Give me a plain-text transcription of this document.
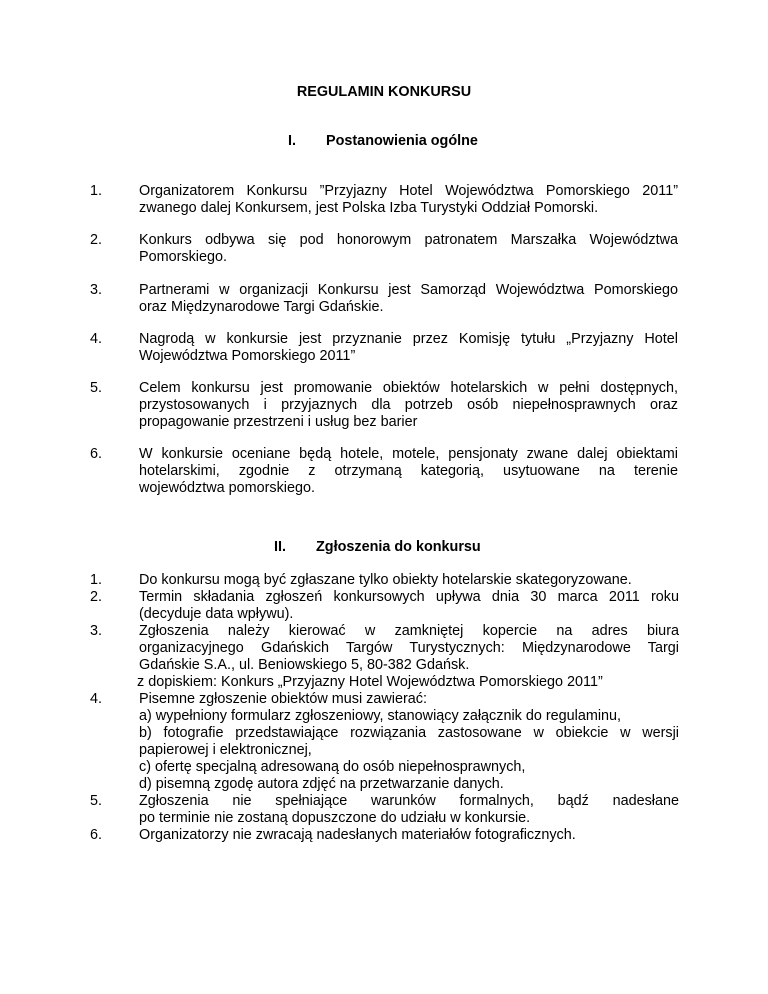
REGULAMIN KONKURSU
I. Postanowienia ogólne
1.	Organizatorem Konkursu ”Przyjazny Hotel Województwa Pomorskiego 2011”
zwanego dalej Konkursem, jest Polska Izba Turystyki Oddział Pomorski.
2.	Konkurs odbywa się pod honorowym patronatem Marszałka Województwa
Pomorskiego.
3.	Partnerami w organizacji Konkursu jest Samorząd Województwa Pomorskiego
oraz Międzynarodowe Targi Gdańskie.
4.	Nagrodą w konkursie jest przyznanie przez Komisję tytułu „Przyjazny Hotel
Województwa Pomorskiego 2011”
5.	Celem konkursu jest promowanie obiektów hotelarskich w pełni dostępnych,
przystosowanych i przyjaznych dla potrzeb osób niepełnosprawnych oraz
propagowanie przestrzeni i usług bez barier
6.	W konkursie oceniane będą hotele, motele, pensjonaty zwane dalej obiektami
hotelarskimi, zgodnie z otrzymaną kategorią, usytuowane na terenie
województwa pomorskiego.
II. Zgłoszenia do konkursu
1.	Do konkursu mogą być zgłaszane tylko obiekty hotelarskie skategoryzowane.
2.	Termin składania zgłoszeń konkursowych upływa dnia 30 marca 2011 roku
(decyduje data wpływu).
3.	Zgłoszenia należy kierować w zamkniętej kopercie na adres biura
organizacyjnego Gdańskich Targów Turystycznych: Międzynarodowe Targi
Gdańskie S.A., ul. Beniowskiego 5, 80-382 Gdańsk.
z dopiskiem: Konkurs „Przyjazny Hotel Województwa Pomorskiego 2011”
4.	Pisemne zgłoszenie obiektów musi zawierać:
a) wypełniony formularz zgłoszeniowy, stanowiący załącznik do regulaminu,
b) fotografie przedstawiające rozwiązania zastosowane w obiekcie w wersji
papierowej i elektronicznej,
c) ofertę specjalną adresowaną do osób niepełnosprawnych,
d) pisemną zgodę autora zdjęć na przetwarzanie danych.
5.	Zgłoszenia nie spełniające warunków formalnych, bądź nadesłane
po terminie nie zostaną dopuszczone do udziału w konkursie.
6.	Organizatorzy nie zwracają nadesłanych materiałów fotograficznych.
